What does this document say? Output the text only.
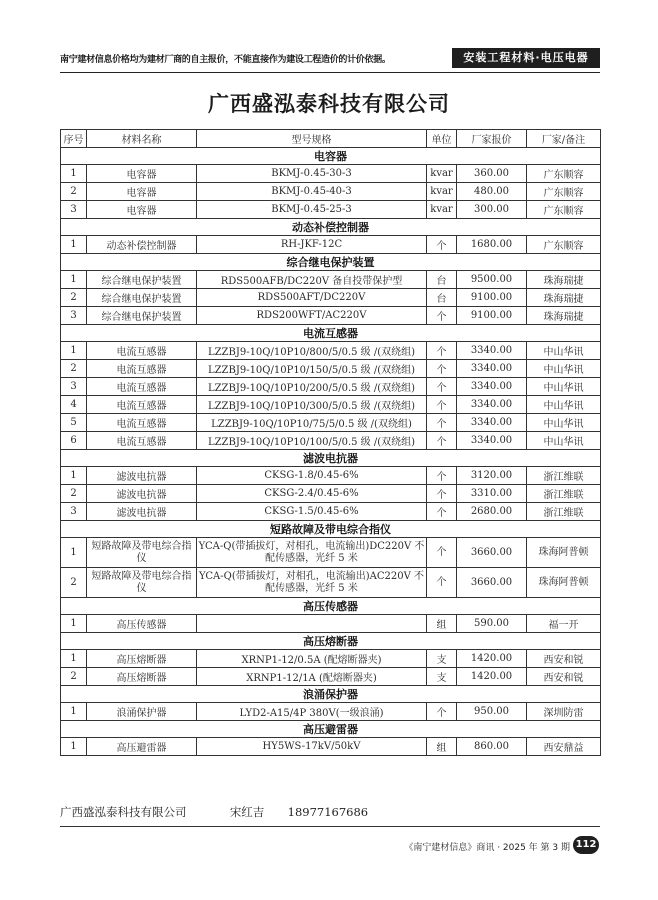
南宁建材信息价格均为建材厂商的自主报价，不能直接作为建设工程造价的计价依据。	安装工程材料·电压电器
广西盛泓泰科技有限公司
序号	材料名称	型号规格	单位	厂家报价	厂家/备注
电容器					
1	电容器	BKMJ-0.45-30-3	kvar	360.00	广东顺容
2	电容器	BKMJ-0.45-40-3	kvar	480.00	广东顺容
3	电容器	BKMJ-0.45-25-3	kvar	300.00	广东顺容
动态补偿控制器					
1	动态补偿控制器	RH-JKF-12C	个	1680.00	广东顺容
综合继电保护装置					
1	综合继电保护装置	RDS500AFB/DC220V 备自投带保护型	台	9500.00	珠海瑞捷
2	综合继电保护装置	RDS500AFT/DC220V	台	9100.00	珠海瑞捷
3	综合继电保护装置	RDS200WFT/AC220V	个	9100.00	珠海瑞捷
电流互感器					
1	电流互感器	LZZBJ9-10Q/10P10/800/5/0.5 级 /(双绕组)	个	3340.00	中山华讯
2	电流互感器	LZZBJ9-10Q/10P10/150/5/0.5 级 /(双绕组)	个	3340.00	中山华讯
3	电流互感器	LZZBJ9-10Q/10P10/200/5/0.5 级 /(双绕组)	个	3340.00	中山华讯
4	电流互感器	LZZBJ9-10Q/10P10/300/5/0.5 级 /(双绕组)	个	3340.00	中山华讯
5	电流互感器	LZZBJ9-10Q/10P10/75/5/0.5 级 /(双绕组)	个	3340.00	中山华讯
6	电流互感器	LZZBJ9-10Q/10P10/100/5/0.5 级 /(双绕组)	个	3340.00	中山华讯
滤波电抗器					
1	滤波电抗器	CKSG-1.8/0.45-6%	个	3120.00	浙江维联
2	滤波电抗器	CKSG-2.4/0.45-6%	个	3310.00	浙江维联
3	滤波电抗器	CKSG-1.5/0.45-6%	个	2680.00	浙江维联
短路故障及带电综合指仪					
1	短路故障及带电综合指仪	YCA-Q(带插拔灯，对相孔，电流输出)DC220V 不配传感器，光纤 5 米	个	3660.00	珠海阿普顿
2	短路故障及带电综合指仪	YCA-Q(带插拔灯，对相孔，电流输出)AC220V 不配传感器，光纤 5 米	个	3660.00	珠海阿普顿
高压传感器					
1	高压传感器		组	590.00	福一开
高压熔断器					
1	高压熔断器	XRNP1-12/0.5A (配熔断器夹)	支	1420.00	西安和锐
2	高压熔断器	XRNP1-12/1A (配熔断器夹)	支	1420.00	西安和锐
浪涌保护器					
1	浪涌保护器	LYD2-A15/4P 380V(一级浪涌)	个	950.00	深圳防雷
高压避雷器					
1	高压避雷器	HY5WS-17kV/50kV	组	860.00	西安鼎益
广西盛泓泰科技有限公司	宋红吉 18977167686
《南宁建材信息》商讯 · 2025 年 第 3 期 112
